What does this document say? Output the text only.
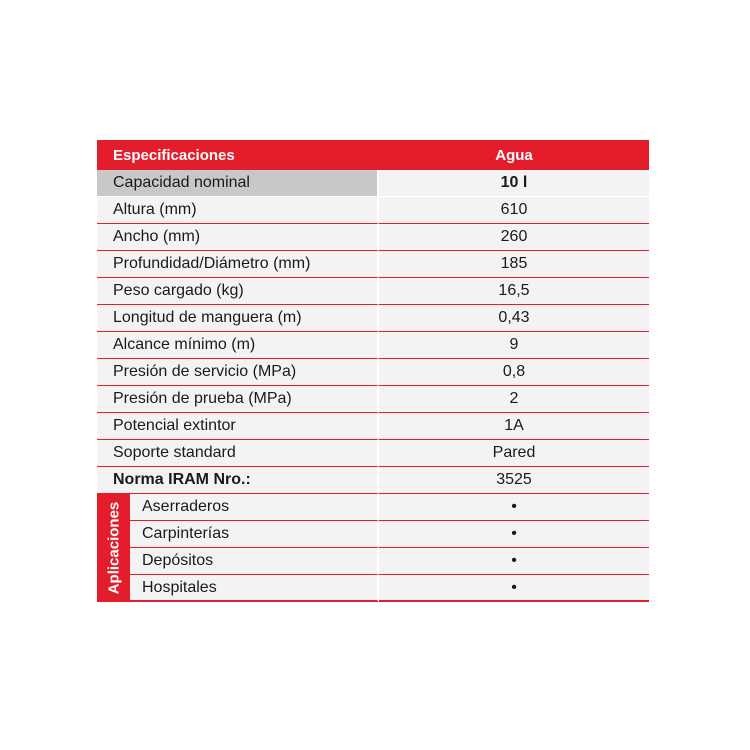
Especificaciones	Agua
Capacidad nominal	10 l
Altura (mm)	610
Ancho (mm)	260
Profundidad/Diámetro (mm)	185
Peso cargado (kg)	16,5
Longitud de manguera (m)	0,43
Alcance mínimo (m)	9
Presión de servicio (MPa)	0,8
Presión de prueba (MPa)	2
Potencial extintor	1A
Soporte standard	Pared
Norma IRAM Nro.:	3525
Aplicaciones	Aserraderos	•
Carpinterías	•
Depósitos	•
Hospitales	•
